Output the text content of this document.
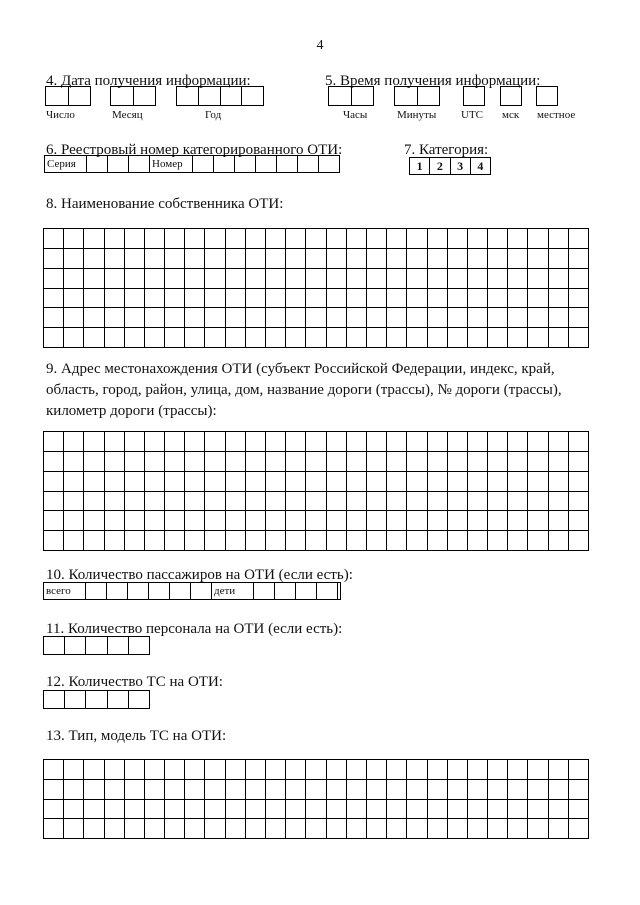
4
4. Дата получения информации:
Число	Месяц	Год
5. Время получения информации:
Часы	Минуты UTC мск местное
6. Реестровый номер категорированного ОТИ:
Серия	Номер
7. Категория:
1	2	3	4
8. Наименование собственника ОТИ:
9. Адрес местонахождения ОТИ (субъект Российской Федерации, индекс, край,
область, город, район, улица, дом, название дороги (трассы), № дороги (трассы),
километр дороги (трассы):
10. Количество пассажиров на ОТИ (если есть):
всего	дети
11. Количество персонала на ОТИ (если есть):
12. Количество ТС на ОТИ:
13. Тип, модель ТС на ОТИ:
